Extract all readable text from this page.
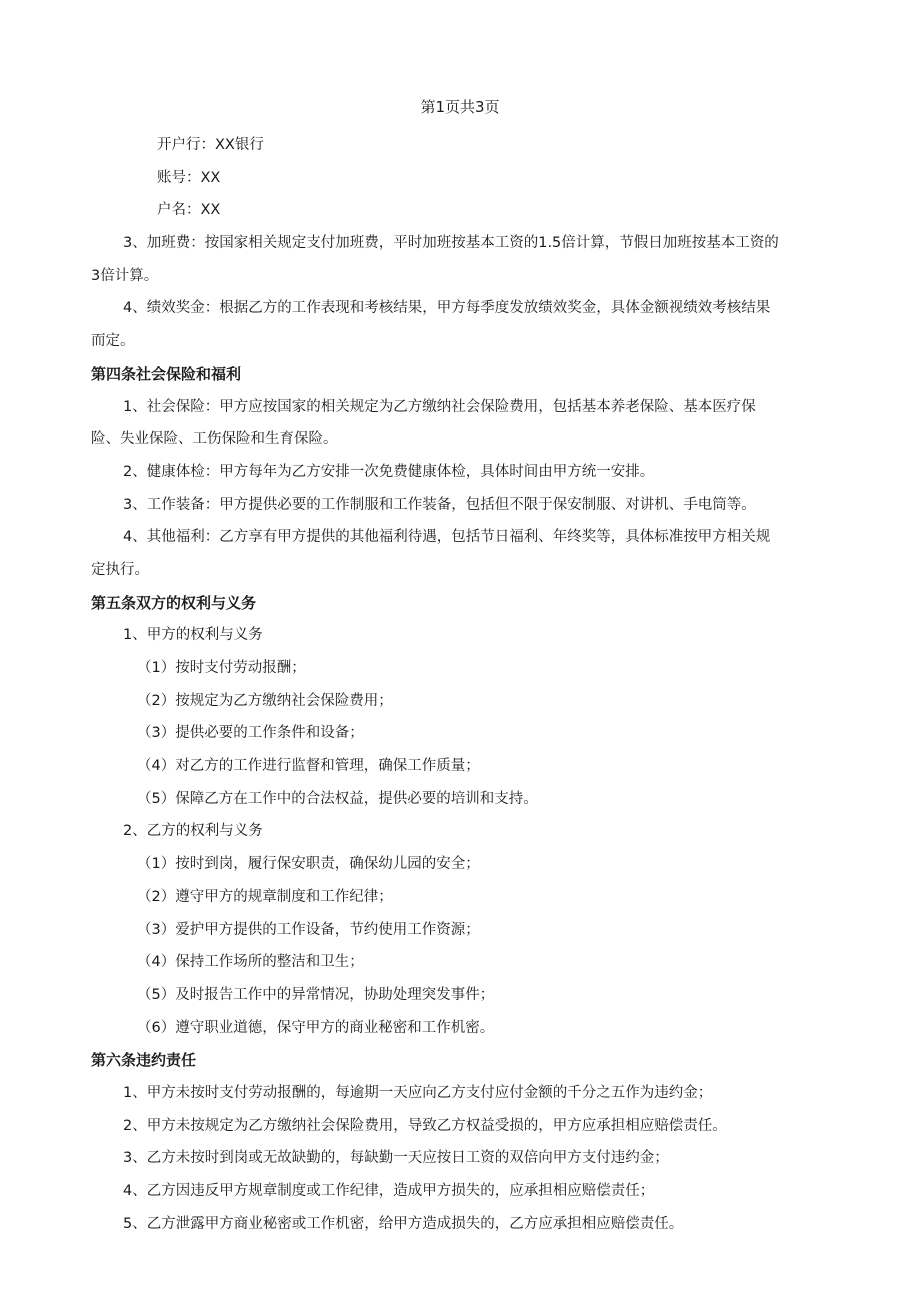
第1页共3页
开户行：XX银行
账号：XX
户名：XX
3、加班费：按国家相关规定支付加班费，平时加班按基本工资的1.5倍计算，节假日加班按基本工资的
3倍计算。
4、绩效奖金：根据乙方的工作表现和考核结果，甲方每季度发放绩效奖金，具体金额视绩效考核结果
而定。
第四条社会保险和福利
1、社会保险：甲方应按国家的相关规定为乙方缴纳社会保险费用，包括基本养老保险、基本医疗保
险、失业保险、工伤保险和生育保险。
2、健康体检：甲方每年为乙方安排一次免费健康体检，具体时间由甲方统一安排。
3、工作装备：甲方提供必要的工作制服和工作装备，包括但不限于保安制服、对讲机、手电筒等。
4、其他福利：乙方享有甲方提供的其他福利待遇，包括节日福利、年终奖等，具体标准按甲方相关规
定执行。
第五条双方的权利与义务
1、甲方的权利与义务
（1）按时支付劳动报酬；
（2）按规定为乙方缴纳社会保险费用；
（3）提供必要的工作条件和设备；
（4）对乙方的工作进行监督和管理，确保工作质量；
（5）保障乙方在工作中的合法权益，提供必要的培训和支持。
2、乙方的权利与义务
（1）按时到岗，履行保安职责，确保幼儿园的安全；
（2）遵守甲方的规章制度和工作纪律；
（3）爱护甲方提供的工作设备，节约使用工作资源；
（4）保持工作场所的整洁和卫生；
（5）及时报告工作中的异常情况，协助处理突发事件；
（6）遵守职业道德，保守甲方的商业秘密和工作机密。
第六条违约责任
1、甲方未按时支付劳动报酬的，每逾期一天应向乙方支付应付金额的千分之五作为违约金；
2、甲方未按规定为乙方缴纳社会保险费用，导致乙方权益受损的，甲方应承担相应赔偿责任。
3、乙方未按时到岗或无故缺勤的，每缺勤一天应按日工资的双倍向甲方支付违约金；
4、乙方因违反甲方规章制度或工作纪律，造成甲方损失的，应承担相应赔偿责任；
5、乙方泄露甲方商业秘密或工作机密，给甲方造成损失的，乙方应承担相应赔偿责任。
